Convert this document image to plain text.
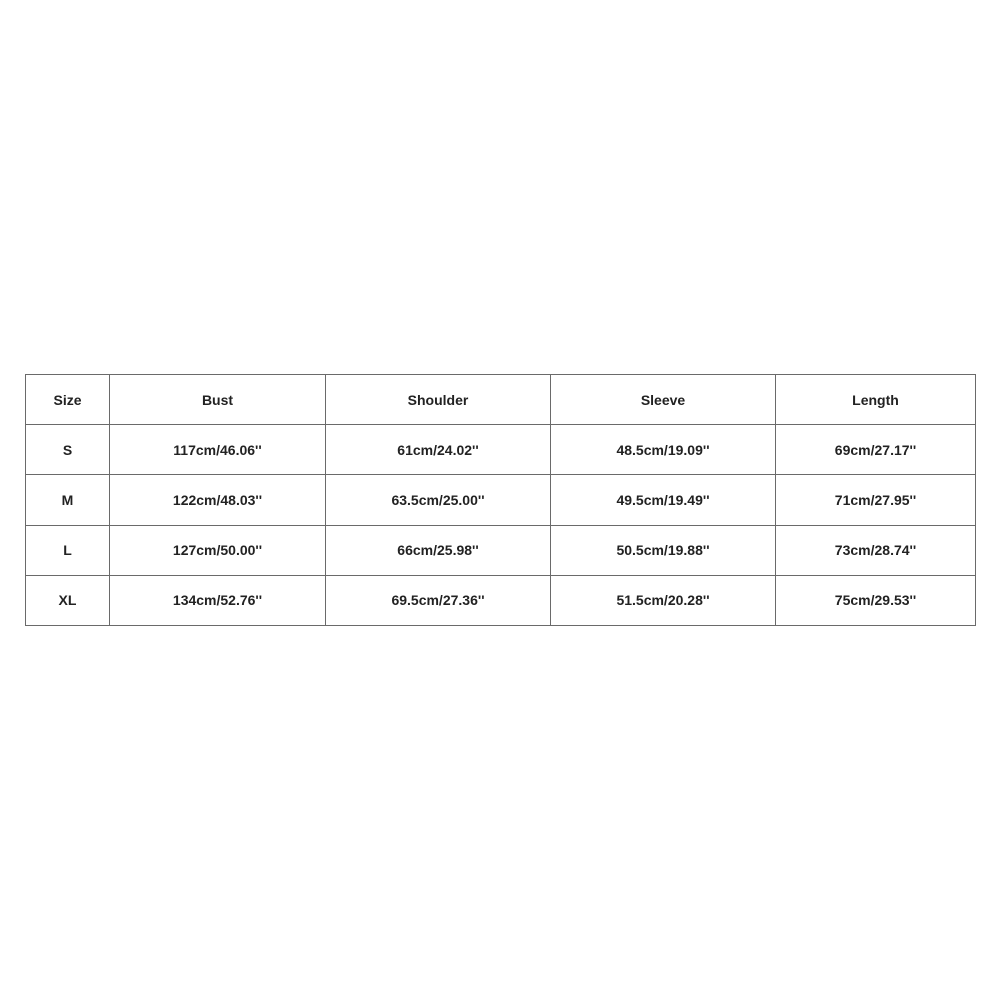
Size	Bust	Shoulder	Sleeve	Length
S	117cm/46.06''	61cm/24.02''	48.5cm/19.09''	69cm/27.17''
M	122cm/48.03''	63.5cm/25.00''	49.5cm/19.49''	71cm/27.95''
L	127cm/50.00''	66cm/25.98''	50.5cm/19.88''	73cm/28.74''
XL	134cm/52.76''	69.5cm/27.36''	51.5cm/20.28''	75cm/29.53''
